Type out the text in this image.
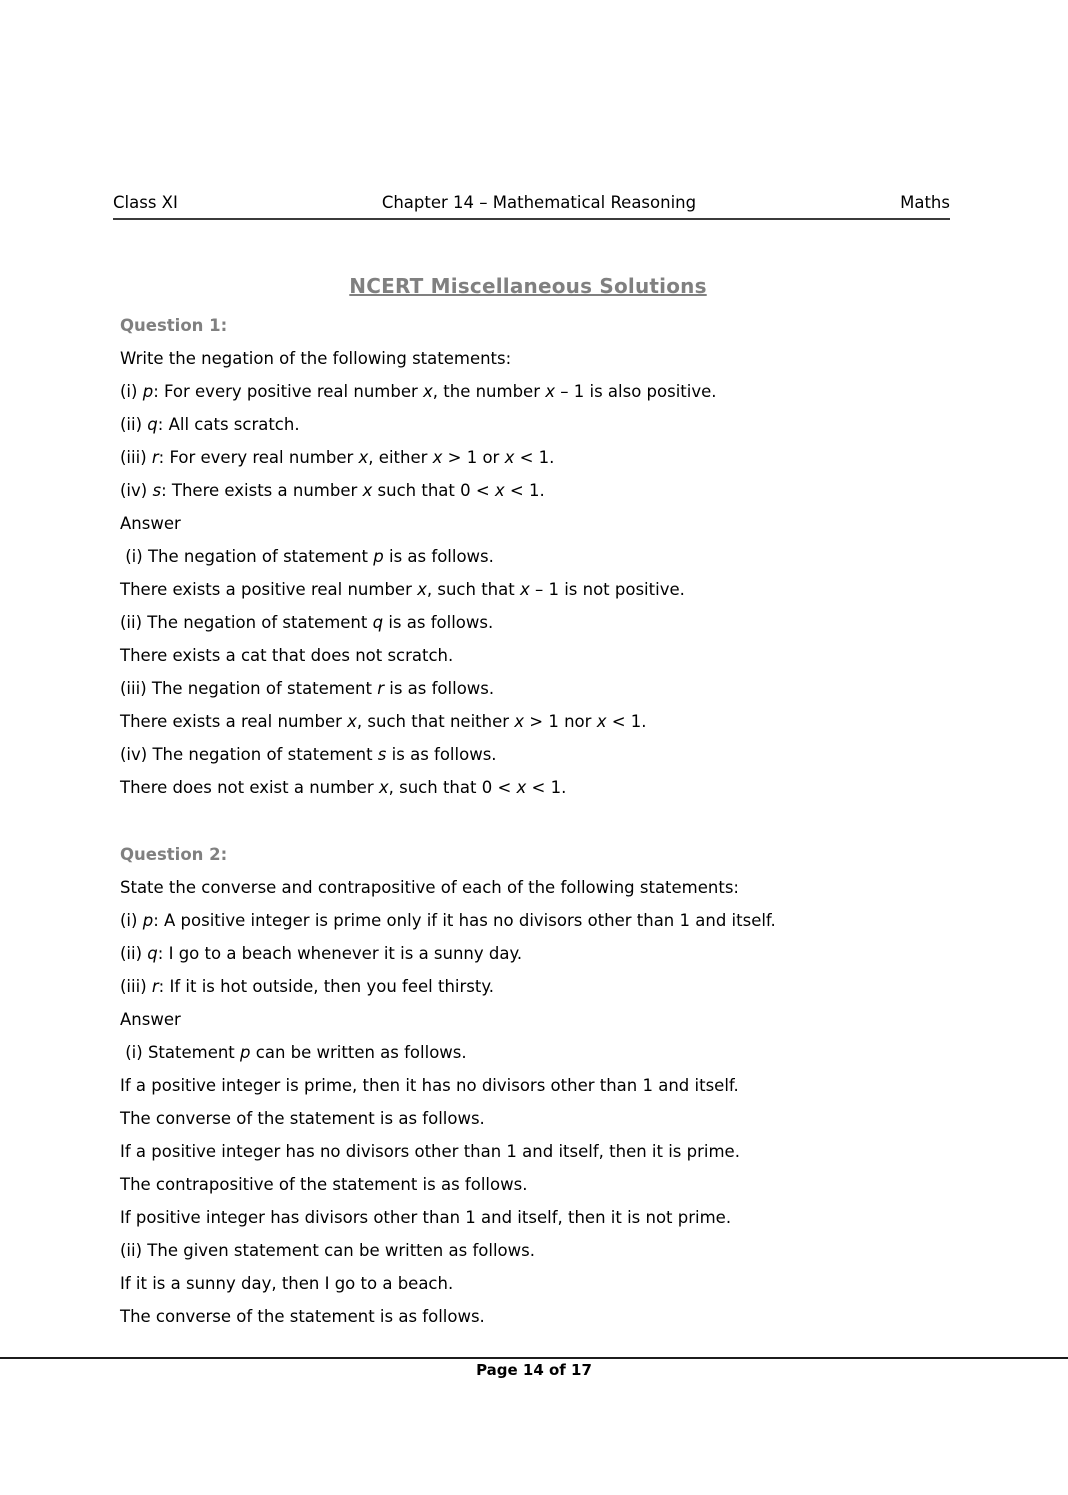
Class XI	Chapter 14 – Mathematical Reasoning	Maths
NCERT Miscellaneous Solutions

Question 1:

Write the negation of the following statements:

(i) p: For every positive real number x, the number x – 1 is also positive.

(ii) q: All cats scratch.

(iii) r: For every real number x, either x > 1 or x < 1.

(iv) s: There exists a number x such that 0 < x < 1.

Answer

(i) The negation of statement p is as follows.

There exists a positive real number x, such that x – 1 is not positive.

(ii) The negation of statement q is as follows.

There exists a cat that does not scratch.

(iii) The negation of statement r is as follows.

There exists a real number x, such that neither x > 1 nor x < 1.

(iv) The negation of statement s is as follows.

There does not exist a number x, such that 0 < x < 1.

Question 2:

State the converse and contrapositive of each of the following statements:

(i) p: A positive integer is prime only if it has no divisors other than 1 and itself.

(ii) q: I go to a beach whenever it is a sunny day.

(iii) r: If it is hot outside, then you feel thirsty.

Answer

(i) Statement p can be written as follows.

If a positive integer is prime, then it has no divisors other than 1 and itself.

The converse of the statement is as follows.

If a positive integer has no divisors other than 1 and itself, then it is prime.

The contrapositive of the statement is as follows.

If positive integer has divisors other than 1 and itself, then it is not prime.

(ii) The given statement can be written as follows.

If it is a sunny day, then I go to a beach.

The converse of the statement is as follows.

Page 14 of 17
